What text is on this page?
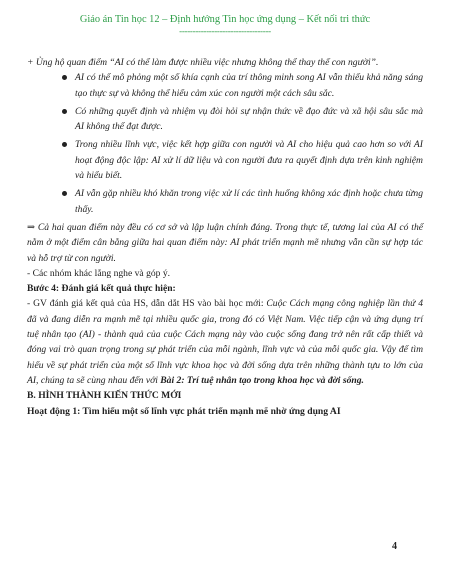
Giáo án Tin học 12 – Định hướng Tin học ứng dụng – Kết nối tri thức
----------------------------------

+ Ủng hộ quan điểm “AI có thể làm được nhiều việc nhưng không thể thay thế con người”.

AI có thể mô phỏng một số khía cạnh của trí thông minh song AI vẫn thiếu khả năng sáng tạo thực sự và không thể hiểu cảm xúc con người một cách sâu sắc.
Có những quyết định và nhiệm vụ đòi hỏi sự nhận thức về đạo đức và xã hội sâu sắc mà AI không thể đạt được.
Trong nhiều lĩnh vực, việc kết hợp giữa con người và AI cho hiệu quả cao hơn so với AI hoạt động độc lập: AI xử lí dữ liệu và con người đưa ra quyết định dựa trên kinh nghiệm và hiểu biết.
AI vẫn gặp nhiều khó khăn trong việc xử lí các tình huống không xác định hoặc chưa từng thấy.

⇒ Cả hai quan điểm này đều có cơ sở và lập luận chính đáng. Trong thực tế, tương lai của AI có thể nằm ở một điểm cân bằng giữa hai quan điểm này: AI phát triển mạnh mẽ nhưng vẫn cần sự hợp tác và hỗ trợ từ con người.

- Các nhóm khác lắng nghe và góp ý.

Bước 4: Đánh giá kết quả thực hiện:

- GV đánh giá kết quả của HS, dẫn dắt HS vào bài học mới: Cuộc Cách mạng công nghiệp lần thứ 4 đã và đang diễn ra mạnh mẽ tại nhiều quốc gia, trong đó có Việt Nam. Việc tiếp cận và ứng dụng trí tuệ nhân tạo (AI) - thành quả của cuộc Cách mạng này vào cuộc sống đang trở nên rất cấp thiết và đóng vai trò quan trọng trong sự phát triển của mỗi ngành, lĩnh vực và của mỗi quốc gia. Vậy để tìm hiểu về sự phát triển của một số lĩnh vực khoa học và đời sống dựa trên những thành tựu to lớn của AI, chúng ta sẽ cùng nhau đến với Bài 2: Trí tuệ nhân tạo trong khoa học và đời sống.

B. HÌNH THÀNH KIẾN THỨC MỚI

Hoạt động 1: Tìm hiểu một số lĩnh vực phát triển mạnh mẽ nhờ ứng dụng AI

4
